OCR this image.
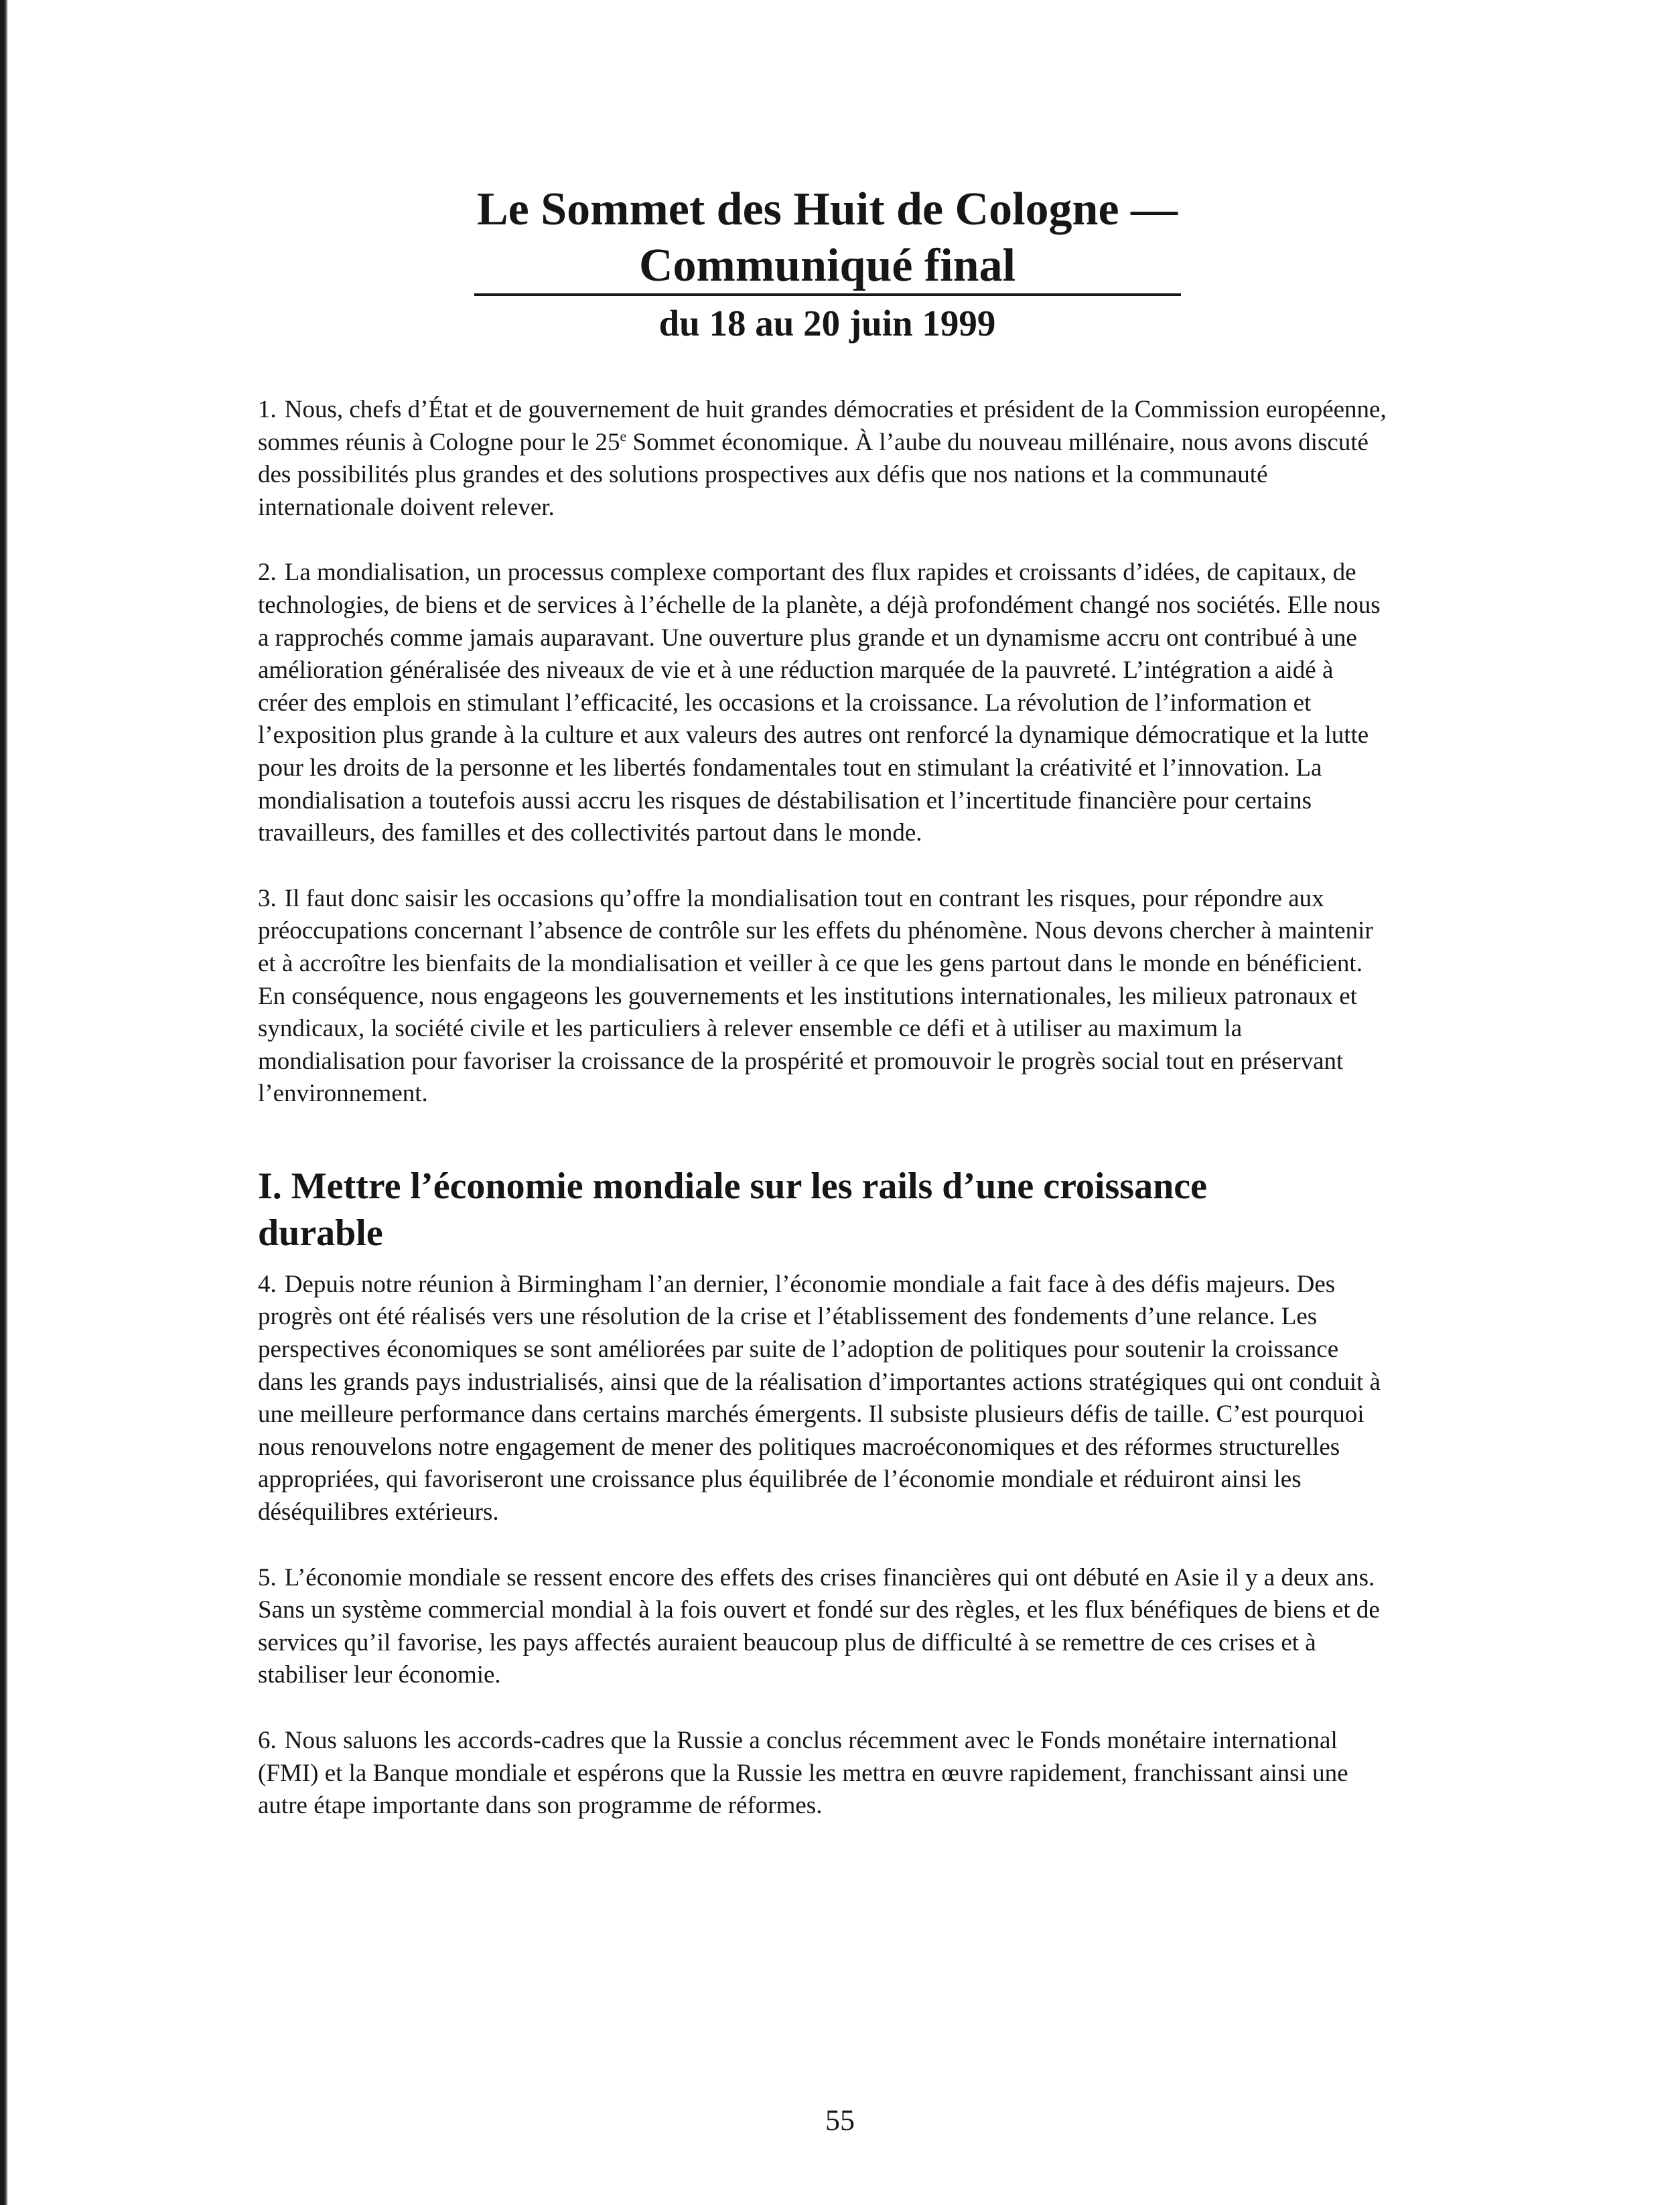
Le Sommet des Huit de Cologne —
Communiqué final
du 18 au 20 juin 1999

1. Nous, chefs d’État et de gouvernement de huit grandes démocraties et président de la Commission européenne, sommes réunis à Cologne pour le 25e Sommet économique. À l’aube du nouveau millénaire, nous avons discuté des possibilités plus grandes et des solutions prospectives aux défis que nos nations et la communauté internationale doivent relever.

2. La mondialisation, un processus complexe comportant des flux rapides et croissants d’idées, de capitaux, de technologies, de biens et de services à l’échelle de la planète, a déjà profondément changé nos sociétés. Elle nous a rapprochés comme jamais auparavant. Une ouverture plus grande et un dynamisme accru ont contribué à une amélioration généralisée des niveaux de vie et à une réduction marquée de la pauvreté. L’intégration a aidé à créer des emplois en stimulant l’efficacité, les occasions et la croissance. La révolution de l’information et l’exposition plus grande à la culture et aux valeurs des autres ont renforcé la dynamique démocratique et la lutte pour les droits de la personne et les libertés fondamentales tout en stimulant la créativité et l’innovation. La mondialisation a toutefois aussi accru les risques de déstabilisation et l’incertitude financière pour certains travailleurs, des familles et des collectivités partout dans le monde.

3. Il faut donc saisir les occasions qu’offre la mondialisation tout en contrant les risques, pour répondre aux préoccupations concernant l’absence de contrôle sur les effets du phénomène. Nous devons chercher à maintenir et à accroître les bienfaits de la mondialisation et veiller à ce que les gens partout dans le monde en bénéficient. En conséquence, nous engageons les gouvernements et les institutions internationales, les milieux patronaux et syndicaux, la société civile et les particuliers à relever ensemble ce défi et à utiliser au maximum la mondialisation pour favoriser la croissance de la prospérité et promouvoir le progrès social tout en préservant l’environnement.

I. Mettre l’économie mondiale sur les rails d’une croissance durable

4. Depuis notre réunion à Birmingham l’an dernier, l’économie mondiale a fait face à des défis majeurs. Des progrès ont été réalisés vers une résolution de la crise et l’établissement des fondements d’une relance. Les perspectives économiques se sont améliorées par suite de l’adoption de politiques pour soutenir la croissance dans les grands pays industrialisés, ainsi que de la réalisation d’importantes actions stratégiques qui ont conduit à une meilleure performance dans certains marchés émergents. Il subsiste plusieurs défis de taille. C’est pourquoi nous renouvelons notre engagement de mener des politiques macroéconomiques et des réformes structurelles appropriées, qui favoriseront une croissance plus équilibrée de l’économie mondiale et réduiront ainsi les déséquilibres extérieurs.

5. L’économie mondiale se ressent encore des effets des crises financières qui ont débuté en Asie il y a deux ans. Sans un système commercial mondial à la fois ouvert et fondé sur des règles, et les flux bénéfiques de biens et de services qu’il favorise, les pays affectés auraient beaucoup plus de difficulté à se remettre de ces crises et à stabiliser leur économie.

6. Nous saluons les accords-cadres que la Russie a conclus récemment avec le Fonds monétaire international (FMI) et la Banque mondiale et espérons que la Russie les mettra en œuvre rapidement, franchissant ainsi une autre étape importante dans son programme de réformes.

55
